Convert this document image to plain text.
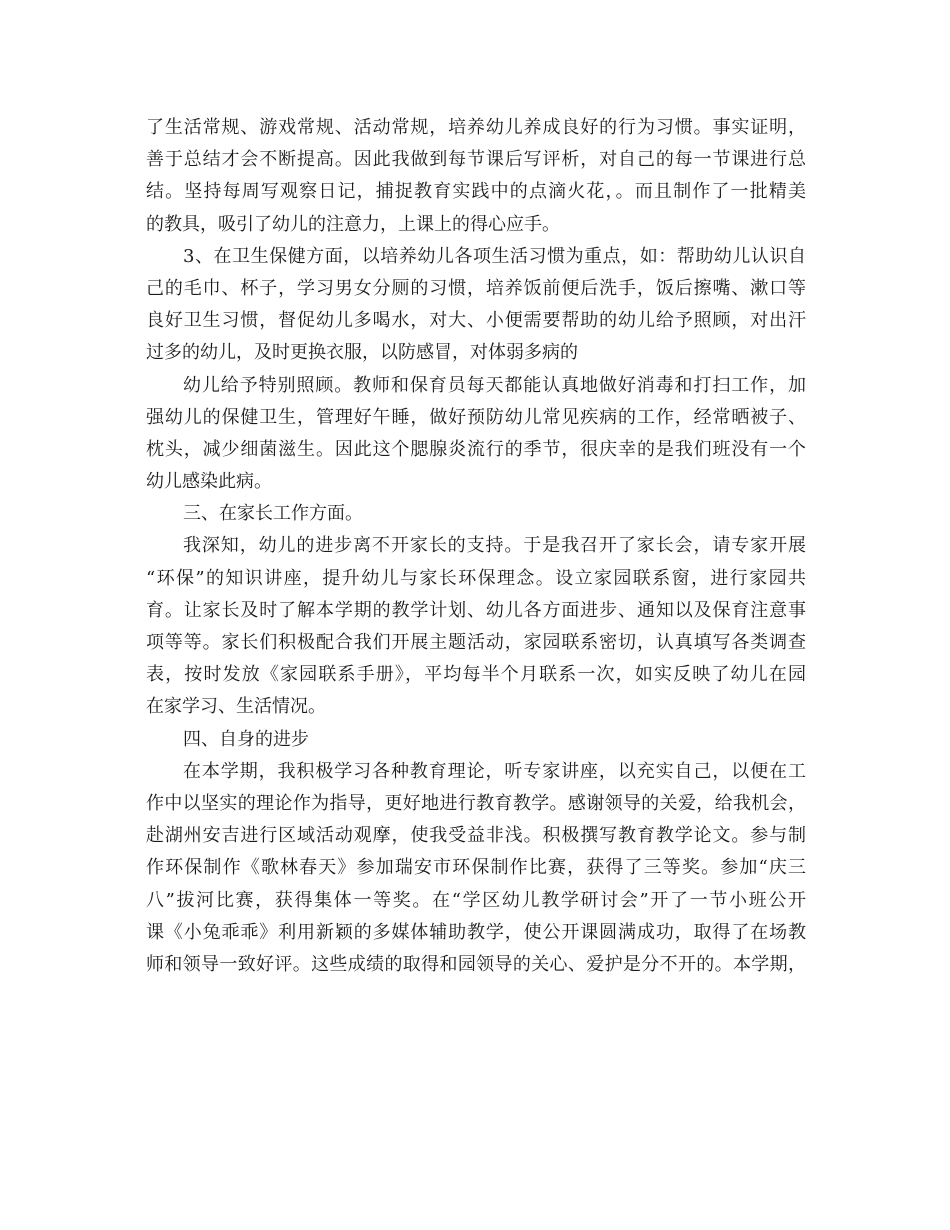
了生活常规、游戏常规、活动常规，培养幼儿养成良好的行为习惯。事实证明，
善于总结才会不断提高。因此我做到每节课后写评析，对自己的每一节课进行总
结。坚持每周写观察日记，捕捉教育实践中的点滴火花，。而且制作了一批精美
的教具，吸引了幼儿的注意力，上课上的得心应手。
3、在卫生保健方面，以培养幼儿各项生活习惯为重点，如：帮助幼儿认识自
己的毛巾、杯子，学习男女分厕的习惯，培养饭前便后洗手，饭后擦嘴、漱口等
良好卫生习惯，督促幼儿多喝水，对大、小便需要帮助的幼儿给予照顾，对出汗
过多的幼儿，及时更换衣服，以防感冒，对体弱多病的
幼儿给予特别照顾。教师和保育员每天都能认真地做好消毒和打扫工作，加
强幼儿的保健卫生，管理好午睡，做好预防幼儿常见疾病的工作，经常晒被子、
枕头，减少细菌滋生。因此这个腮腺炎流行的季节，很庆幸的是我们班没有一个
幼儿感染此病。
三、在家长工作方面。
我深知，幼儿的进步离不开家长的支持。于是我召开了家长会，请专家开展
“环保”的知识讲座，提升幼儿与家长环保理念。设立家园联系窗，进行家园共
育。让家长及时了解本学期的教学计划、幼儿各方面进步、通知以及保育注意事
项等等。家长们积极配合我们开展主题活动，家园联系密切，认真填写各类调查
表，按时发放《家园联系手册》，平均每半个月联系一次，如实反映了幼儿在园
在家学习、生活情况。
四、自身的进步
在本学期，我积极学习各种教育理论，听专家讲座，以充实自己，以便在工
作中以坚实的理论作为指导，更好地进行教育教学。感谢领导的关爱，给我机会，
赴湖州安吉进行区域活动观摩，使我受益非浅。积极撰写教育教学论文。参与制
作环保制作《歌林春天》参加瑞安市环保制作比赛，获得了三等奖。参加“庆三
八”拔河比赛，获得集体一等奖。在“学区幼儿教学研讨会”开了一节小班公开
课《小兔乖乖》利用新颖的多媒体辅助教学，使公开课圆满成功，取得了在场教
师和领导一致好评。这些成绩的取得和园领导的关心、爱护是分不开的。本学期，
